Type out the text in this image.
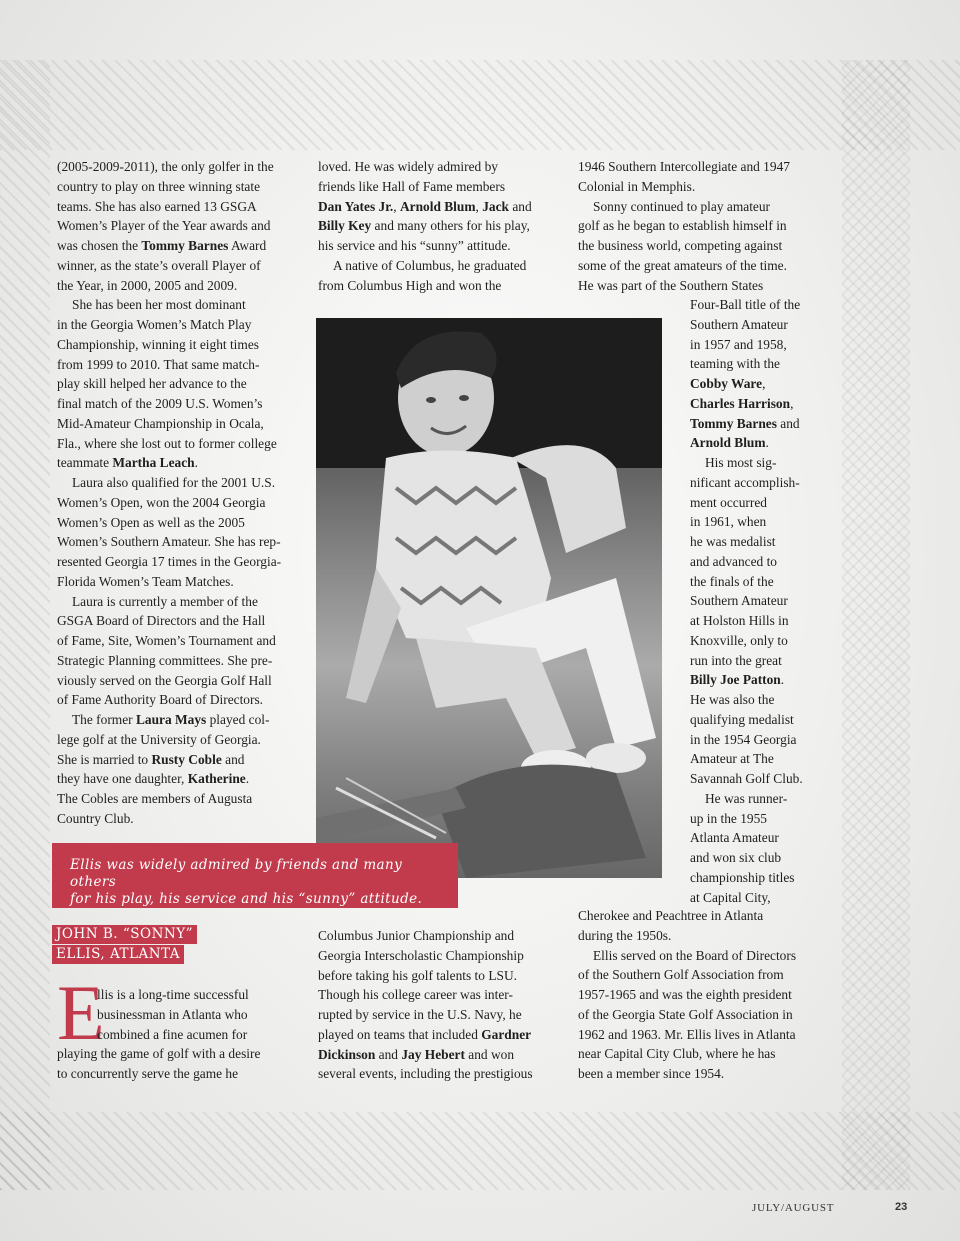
(2005-2009-2011), the only golfer in the
country to play on three winning state
teams. She has also earned 13 GSGA
Women’s Player of the Year awards and
was chosen the Tommy Barnes Award
winner, as the state’s overall Player of
the Year, in 2000, 2005 and 2009.
She has been her most dominant
in the Georgia Women’s Match Play
Championship, winning it eight times
from 1999 to 2010. That same match-
play skill helped her advance to the
final match of the 2009 U.S. Women’s
Mid-Amateur Championship in Ocala,
Fla., where she lost out to former college
teammate Martha Leach.
Laura also qualified for the 2001 U.S.
Women’s Open, won the 2004 Georgia
Women’s Open as well as the 2005
Women’s Southern Amateur. She has rep-
resented Georgia 17 times in the Georgia-
Florida Women’s Team Matches.
Laura is currently a member of the
GSGA Board of Directors and the Hall
of Fame, Site, Women’s Tournament and
Strategic Planning committees. She pre-
viously served on the Georgia Golf Hall
of Fame Authority Board of Directors.
The former Laura Mays played col-
lege golf at the University of Georgia.
She is married to Rusty Coble and
they have one daughter, Katherine.
The Cobles are members of Augusta
Country Club.
loved. He was widely admired by
friends like Hall of Fame members
Dan Yates Jr., Arnold Blum, Jack and
Billy Key and many others for his play,
his service and his “sunny” attitude.
A native of Columbus, he graduated
from Columbus High and won the
1946 Southern Intercollegiate and 1947
Colonial in Memphis.
Sonny continued to play amateur
golf as he began to establish himself in
the business world, competing against
some of the great amateurs of the time.
He was part of the Southern States
Four-Ball title of the
Southern Amateur
in 1957 and 1958,
teaming with the
Cobby Ware,
Charles Harrison,
Tommy Barnes and
Arnold Blum.
His most sig-
nificant accomplish-
ment occurred
in 1961, when
he was medalist
and advanced to
the finals of the
Southern Amateur
at Holston Hills in
Knoxville, only to
run into the great
Billy Joe Patton.
He was also the
qualifying medalist
in the 1954 Georgia
Amateur at The
Savannah Golf Club.
He was runner-
up in the 1955
Atlanta Amateur
and won six club
championship titles
at Capital City,
Cherokee and Peachtree in Atlanta
during the 1950s.
Ellis served on the Board of Directors
of the Southern Golf Association from
1957-1965 and was the eighth president
of the Georgia State Golf Association in
1962 and 1963. Mr. Ellis lives in Atlanta
near Capital City Club, where he has
been a member since 1954.
Columbus Junior Championship and
Georgia Interscholastic Championship
before taking his golf talents to LSU.
Though his college career was inter-
rupted by service in the U.S. Navy, he
played on teams that included Gardner
Dickinson and Jay Hebert and won
several events, including the prestigious
Ellis was widely admired by friends and many others
for his play, his service and his “sunny” attitude.
JOHN B. “SONNY”
ELLIS, ATLANTA
E
llis is a long-time successful
businessman in Atlanta who
combined a fine acumen for
playing the game of golf with a desire
to concurrently serve the game he
JULY/AUGUST	23
